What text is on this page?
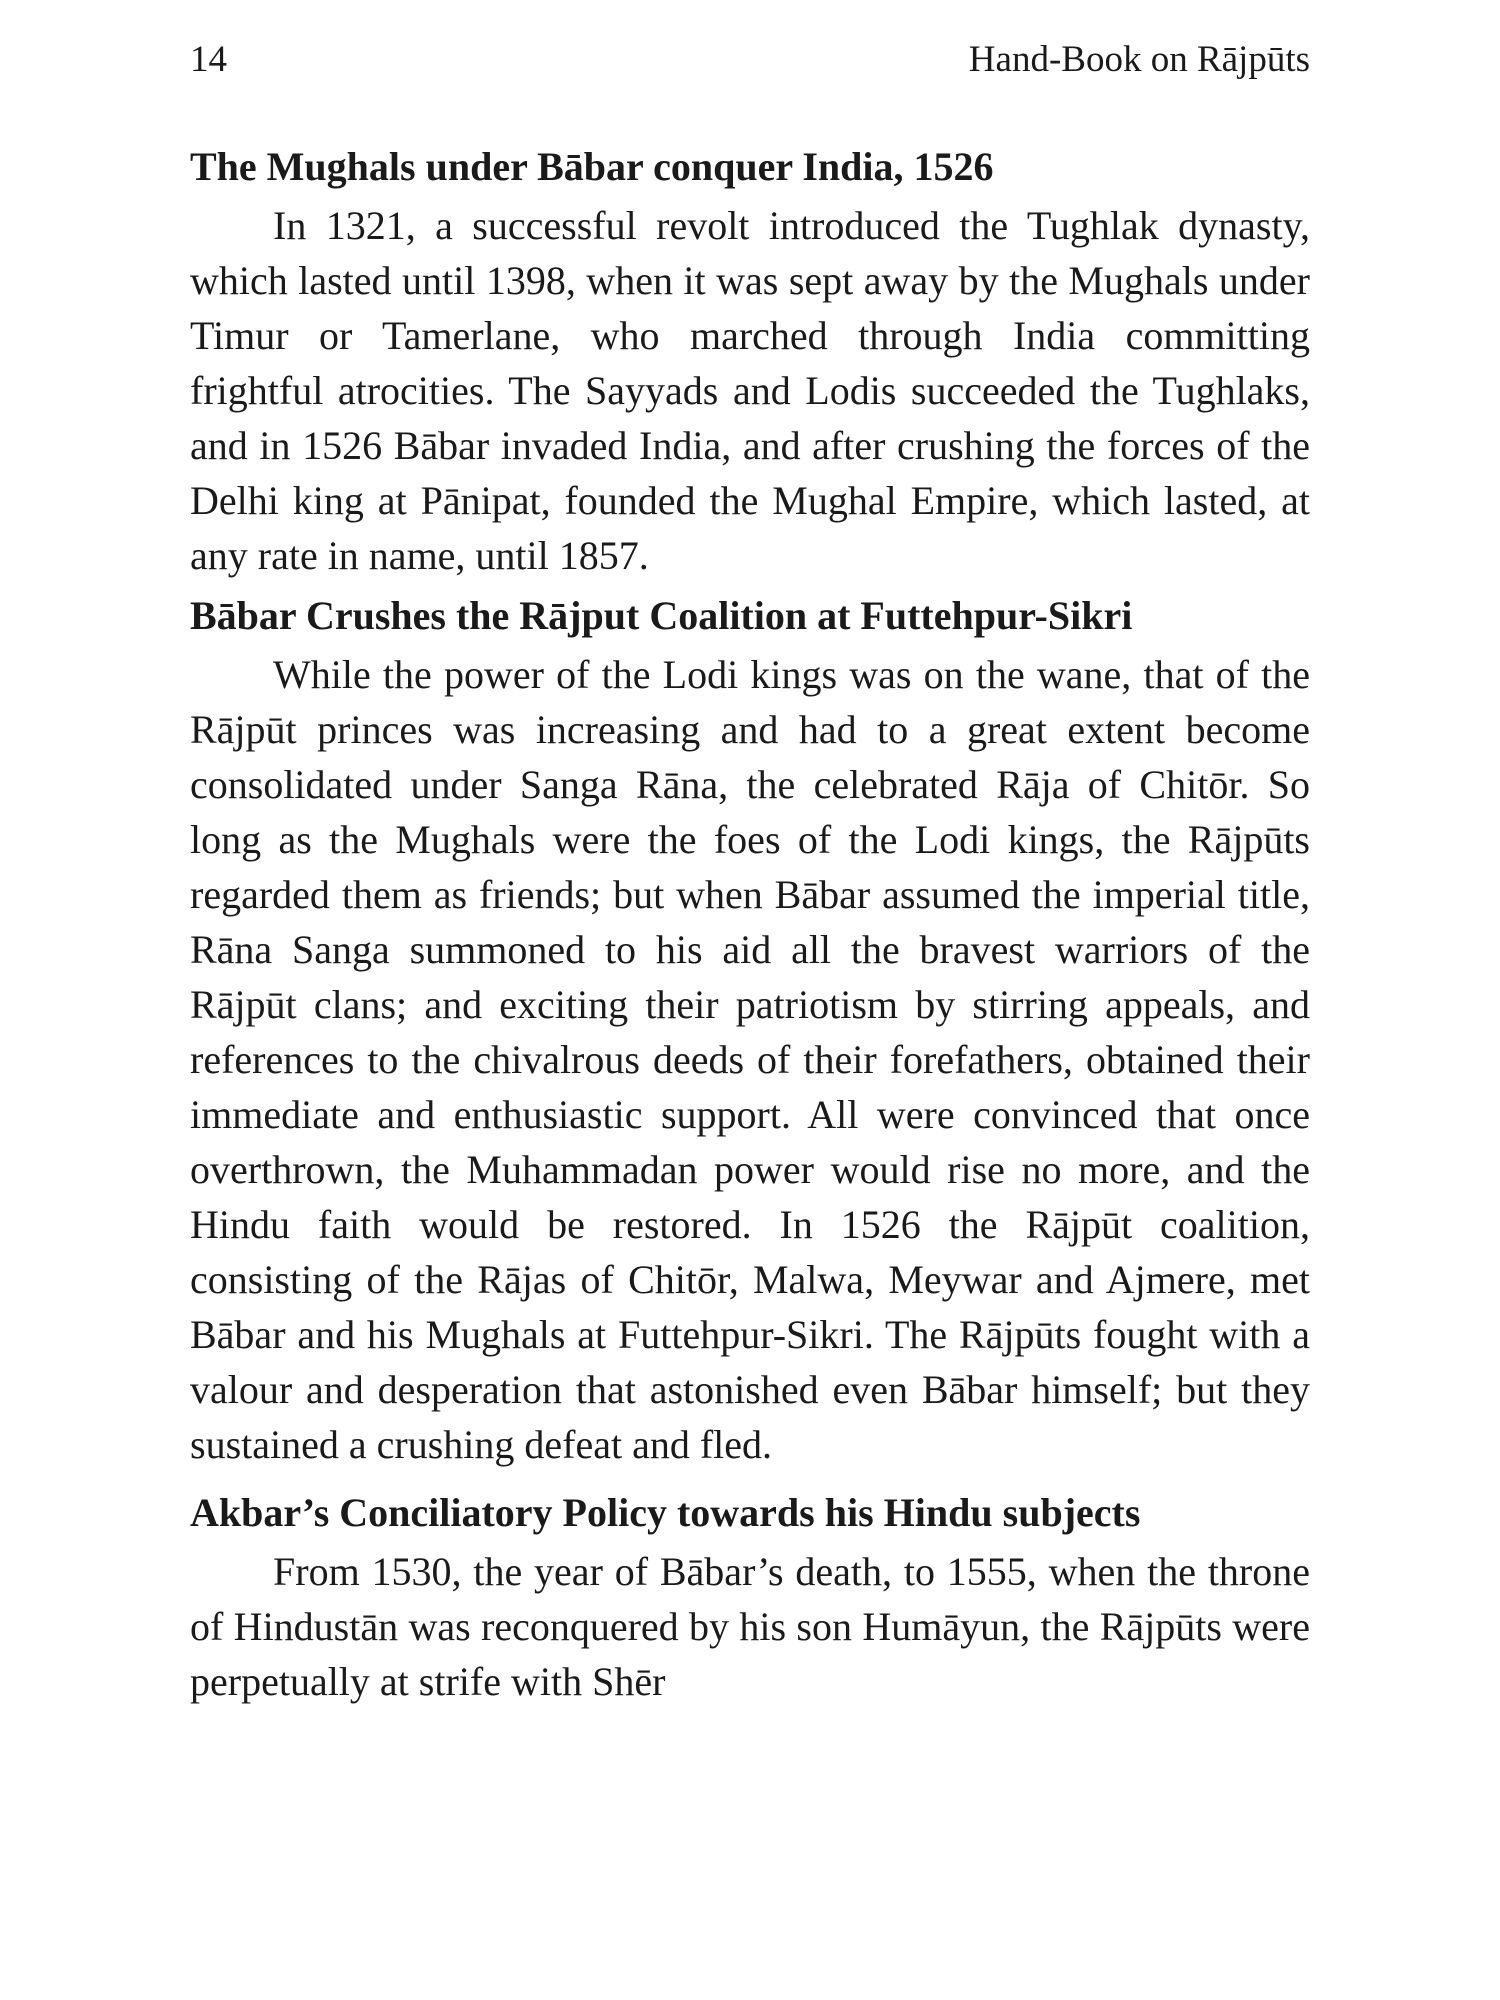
14	Hand-Book on Rājpūts
The Mughals under Bābar conquer India, 1526

In 1321, a successful revolt introduced the Tughlak dynasty, which lasted until 1398, when it was sept away by the Mughals under Timur or Tamerlane, who marched through India committing frightful atrocities. The Sayyads and Lodis succeeded the Tughlaks, and in 1526 Bābar invaded India, and after crushing the forces of the Delhi king at Pānipat, founded the Mughal Empire, which lasted, at any rate in name, until 1857.

Bābar Crushes the Rājput Coalition at Futtehpur-Sikri

While the power of the Lodi kings was on the wane, that of the Rājpūt princes was increasing and had to a great extent become consolidated under Sanga Rāna, the celebrated Rāja of Chitōr. So long as the Mughals were the foes of the Lodi kings, the Rājpūts regarded them as friends; but when Bābar assumed the imperial title, Rāna Sanga summoned to his aid all the bravest warriors of the Rājpūt clans; and exciting their patriotism by stirring appeals, and references to the chivalrous deeds of their forefathers, obtained their immediate and enthusiastic support. All were convinced that once overthrown, the Muhammadan power would rise no more, and the Hindu faith would be restored. In 1526 the Rājpūt coalition, consisting of the Rājas of Chitōr, Malwa, Meywar and Ajmere, met Bābar and his Mughals at Futtehpur-Sikri. The Rājpūts fought with a valour and desperation that astonished even Bābar himself; but they sustained a crushing defeat and fled.

Akbar’s Conciliatory Policy towards his Hindu subjects

From 1530, the year of Bābar’s death, to 1555, when the throne of Hindustān was reconquered by his son Humāyun, the Rājpūts were perpetually at strife with Shēr
